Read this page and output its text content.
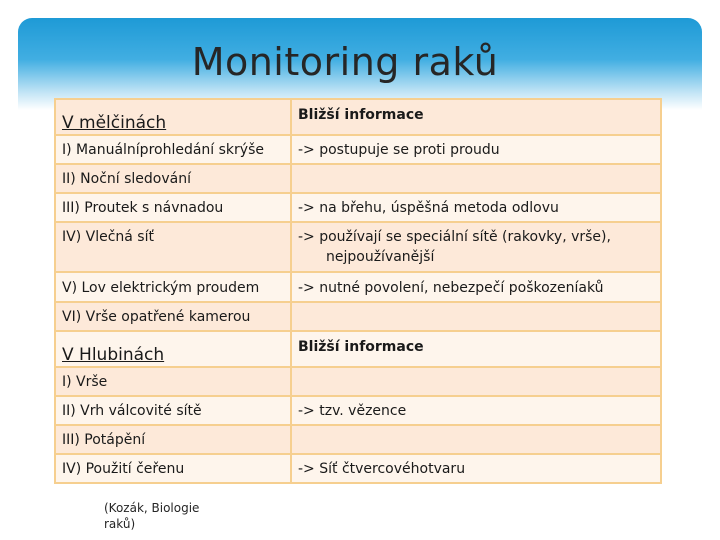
Monitoring raků
V mělčinách	Bližší informace
I) Manuálníprohledání skrýše	-> postupuje se proti proudu
II) Noční sledování	
III) Proutek s návnadou	-> na břehu, úspěšná metoda odlovu
IV) Vlečná síť	-> používají se speciální sítě (rakovky, vrše),
nejpoužívanější

V) Lov elektrickým proudem	-> nutné povolení, nebezpečí poškozeníaků
VI) Vrše opatřené kamerou	
V Hlubinách	Bližší informace
I) Vrše	
II) Vrh válcovité sítě	-> tzv. vězence
III) Potápění	
IV) Použití čeřenu	-> Síť čtvercovéhotvaru
(Kozák, Biologie
raků)
